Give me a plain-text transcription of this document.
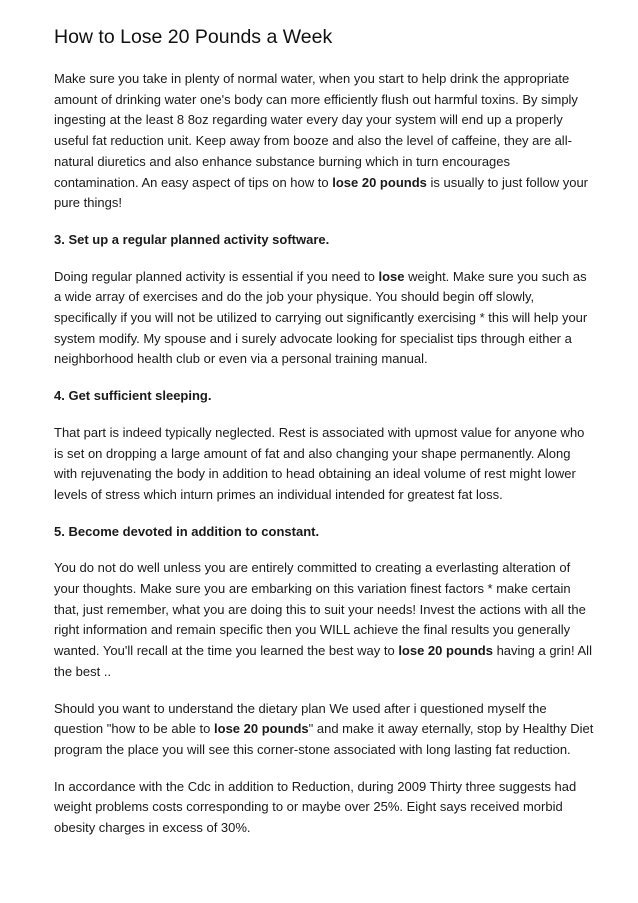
How to Lose 20 Pounds a Week

Make sure you take in plenty of normal water, when you start to help drink the appropriate amount of drinking water one's body can more efficiently flush out harmful toxins. By simply ingesting at the least 8 8oz regarding water every day your system will end up a properly useful fat reduction unit. Keep away from booze and also the level of caffeine, they are all-natural diuretics and also enhance substance burning which in turn encourages contamination. An easy aspect of tips on how to lose 20 pounds is usually to just follow your pure things!

3. Set up a regular planned activity software.

Doing regular planned activity is essential if you need to lose weight. Make sure you such as a wide array of exercises and do the job your physique. You should begin off slowly, specifically if you will not be utilized to carrying out significantly exercising * this will help your system modify. My spouse and i surely advocate looking for specialist tips through either a neighborhood health club or even via a personal training manual.

4. Get sufficient sleeping.

That part is indeed typically neglected. Rest is associated with upmost value for anyone who is set on dropping a large amount of fat and also changing your shape permanently. Along with rejuvenating the body in addition to head obtaining an ideal volume of rest might lower levels of stress which inturn primes an individual intended for greatest fat loss.

5. Become devoted in addition to constant.

You do not do well unless you are entirely committed to creating a everlasting alteration of your thoughts. Make sure you are embarking on this variation finest factors * make certain that, just remember, what you are doing this to suit your needs! Invest the actions with all the right information and remain specific then you WILL achieve the final results you generally wanted. You'll recall at the time you learned the best way to lose 20 pounds having a grin! All the best ..

Should you want to understand the dietary plan We used after i questioned myself the question "how to be able to lose 20 pounds" and make it away eternally, stop by Healthy Diet program the place you will see this corner-stone associated with long lasting fat reduction.

In accordance with the Cdc in addition to Reduction, during 2009 Thirty three suggests had weight problems costs corresponding to or maybe over 25%. Eight says received morbid obesity charges in excess of 30%.
